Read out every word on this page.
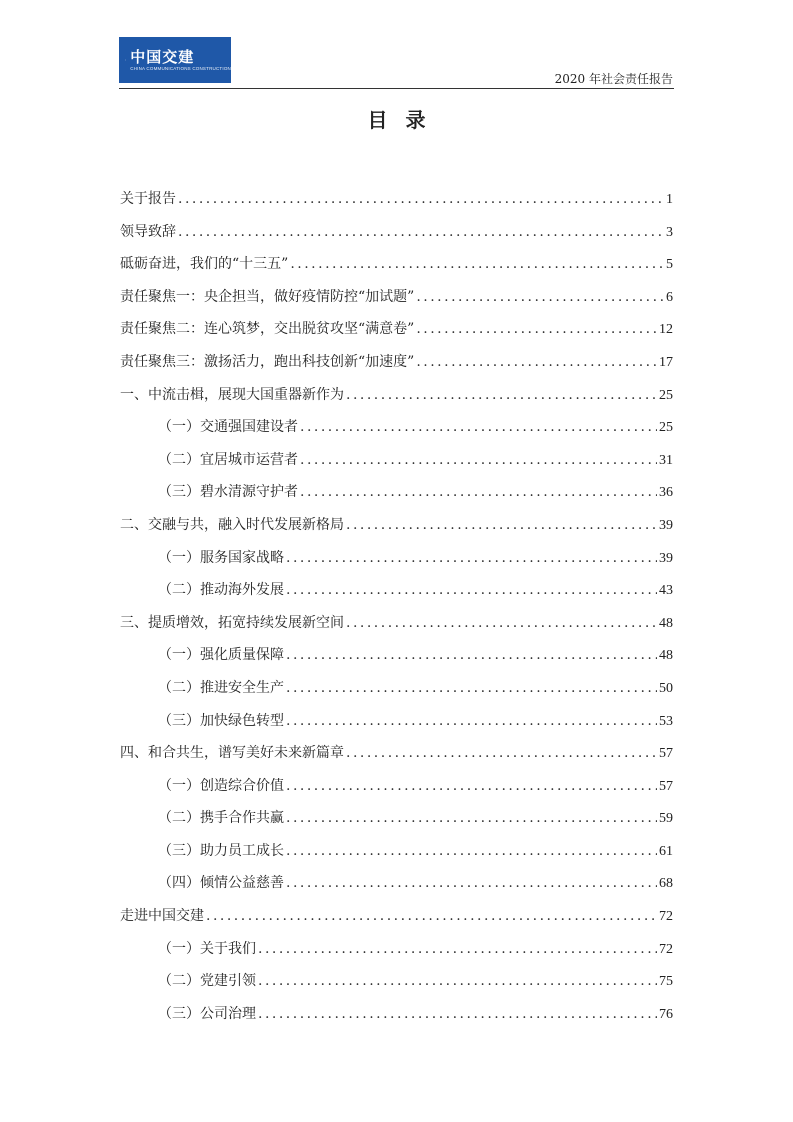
中国交建
CHINA COMMUNICATIONS CONSTRUCTION
2020 年社会责任报告
目录
关于报告 .....	1
领导致辞 .....	3
砥砺奋进，我们的“十三五” .....	5
责任聚焦一：央企担当，做好疫情防控“加试题” .....	6
责任聚焦二：连心筑梦，交出脱贫攻坚“满意卷” .....	12
责任聚焦三：激扬活力，跑出科技创新“加速度” .....	17
一、中流击楫，展现大国重器新作为 .....	25
（一）交通强国建设者 .....	25
（二）宜居城市运营者 .....	31
（三）碧水清源守护者 .....	36
二、交融与共，融入时代发展新格局 .....	39
（一）服务国家战略 .....	39
（二）推动海外发展 .....	43
三、提质增效，拓宽持续发展新空间 .....	48
（一）强化质量保障 .....	48
（二）推进安全生产 .....	50
（三）加快绿色转型 .....	53
四、和合共生，谱写美好未来新篇章 .....	57
（一）创造综合价值 .....	57
（二）携手合作共赢 .....	59
（三）助力员工成长 .....	61
（四）倾情公益慈善 .....	68
走进中国交建 .....	72
（一）关于我们 .....	72
（二）党建引领 .....	75
（三）公司治理 .....	76
